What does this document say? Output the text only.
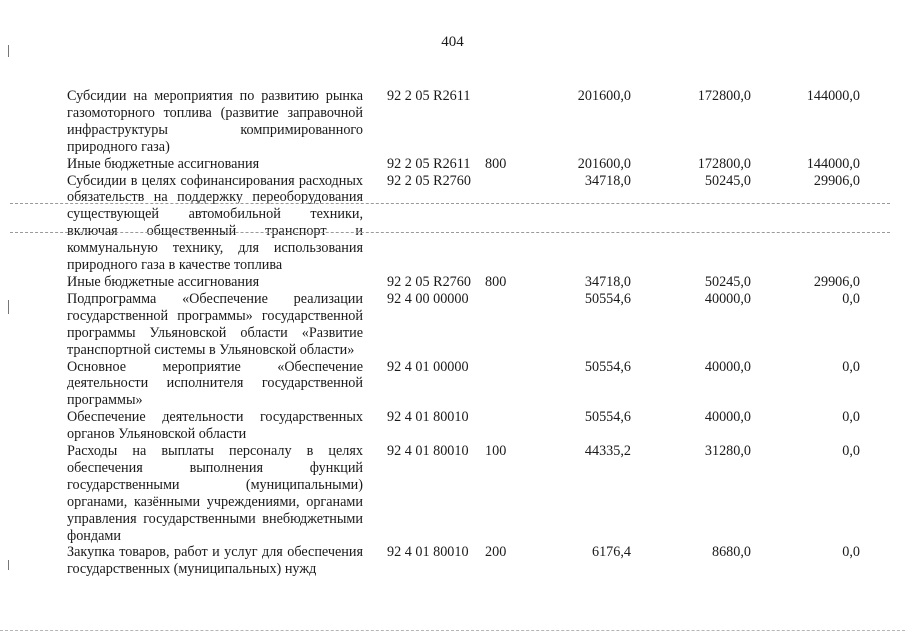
404
Субсидии на мероприятия по развитию рынка газомоторного топлива (развитие заправочной инфраструктуры компримированного природного газа)	92 2 05 R2611		201600,0	172800,0	144000,0
Иные бюджетные ассигнования	92 2 05 R2611	800	201600,0	172800,0	144000,0
Субсидии в целях софинансирования расходных обязательств на поддержку переоборудования существующей автомобильной техники, включая общественный транспорт и коммунальную технику, для использования природного газа в качестве топлива	92 2 05 R2760		34718,0	50245,0	29906,0
Иные бюджетные ассигнования	92 2 05 R2760	800	34718,0	50245,0	29906,0
Подпрограмма «Обеспечение реализации государственной программы» государственной программы Ульяновской области «Развитие транспортной системы в Ульяновской области»	92 4 00 00000		50554,6	40000,0	0,0
Основное мероприятие «Обеспечение деятельности исполнителя государственной программы»	92 4 01 00000		50554,6	40000,0	0,0
Обеспечение деятельности государственных органов Ульяновской области	92 4 01 80010		50554,6	40000,0	0,0
Расходы на выплаты персоналу в целях обеспечения выполнения функций государственными (муниципальными) органами, казёнными учреждениями, органами управления государственными внебюджетными фондами	92 4 01 80010	100	44335,2	31280,0	0,0
Закупка товаров, работ и услуг для обеспечения государственных (муниципальных) нужд	92 4 01 80010	200	6176,4	8680,0	0,0
